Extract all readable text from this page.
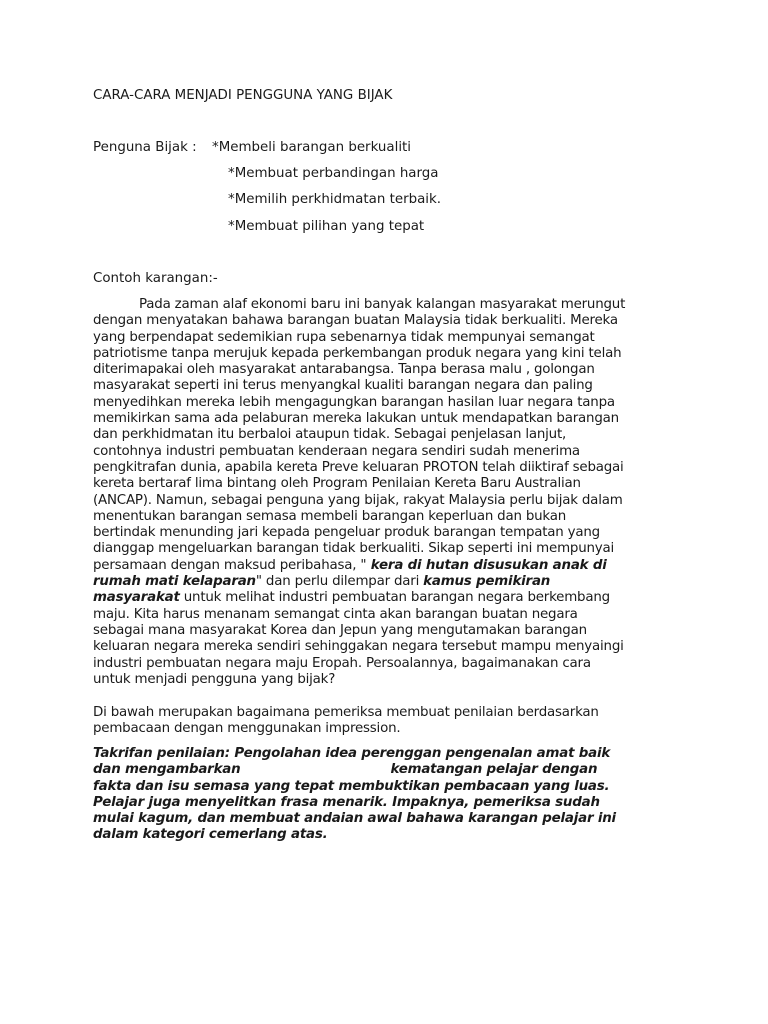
CARA-CARA MENJADI PENGGUNA YANG BIJAK
Penguna Bijak : *Membeli barangan berkualiti
*Membuat perbandingan harga
*Memilih perkhidmatan terbaik.
*Membuat pilihan yang tepat
Contoh karangan:-
Pada zaman alaf ekonomi baru ini banyak kalangan masyarakat merungut
dengan menyatakan bahawa barangan buatan Malaysia tidak berkualiti. Mereka
yang berpendapat sedemikian rupa sebenarnya tidak mempunyai semangat
patriotisme tanpa merujuk kepada perkembangan produk negara yang kini telah
diterimapakai oleh masyarakat antarabangsa. Tanpa berasa malu , golongan
masyarakat seperti ini terus menyangkal kualiti barangan negara dan paling
menyedihkan mereka lebih mengagungkan barangan hasilan luar negara tanpa
memikirkan sama ada pelaburan mereka lakukan untuk mendapatkan barangan
dan perkhidmatan itu berbaloi ataupun tidak. Sebagai penjelasan lanjut,
contohnya industri pembuatan kenderaan negara sendiri sudah menerima
pengkitrafan dunia, apabila kereta Preve keluaran PROTON telah diiktiraf sebagai
kereta bertaraf lima bintang oleh Program Penilaian Kereta Baru Australian
(ANCAP). Namun, sebagai penguna yang bijak, rakyat Malaysia perlu bijak dalam
menentukan barangan semasa membeli barangan keperluan dan bukan
bertindak menunding jari kepada pengeluar produk barangan tempatan yang
dianggap mengeluarkan barangan tidak berkualiti. Sikap seperti ini mempunyai
persamaan dengan maksud peribahasa, " kera di hutan disusukan anak di
rumah mati kelaparan" dan perlu dilempar dari kamus pemikiran
masyarakat untuk melihat industri pembuatan barangan negara berkembang
maju. Kita harus menanam semangat cinta akan barangan buatan negara
sebagai mana masyarakat Korea dan Jepun yang mengutamakan barangan
keluaran negara mereka sendiri sehinggakan negara tersebut mampu menyaingi
industri pembuatan negara maju Eropah. Persoalannya, bagaimanakan cara
untuk menjadi pengguna yang bijak?
Di bawah merupakan bagaimana pemeriksa membuat penilaian berdasarkan
pembacaan dengan menggunakan impression.
Takrifan penilaian: Pengolahan idea perenggan pengenalan amat baik
dan mengambarkan	kematangan pelajar dengan
fakta dan isu semasa yang tepat membuktikan pembacaan yang luas.
Pelajar juga menyelitkan frasa menarik. Impaknya, pemeriksa sudah
mulai kagum, dan membuat andaian awal bahawa karangan pelajar ini
dalam kategori cemerlang atas.
